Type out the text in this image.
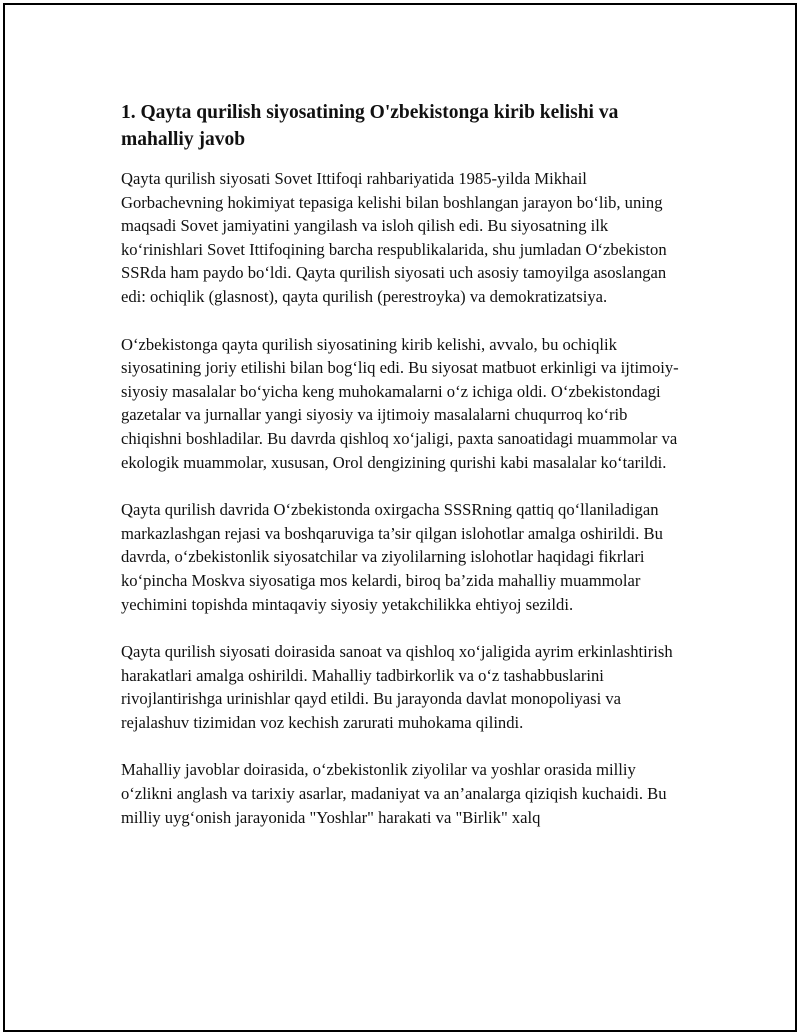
1. Qayta qurilish siyosatining O'zbekistonga kirib kelishi va mahalliy javob

Qayta qurilish siyosati Sovet Ittifoqi rahbariyatida 1985-yilda Mikhail Gorbachevning hokimiyat tepasiga kelishi bilan boshlangan jarayon bo‘lib, uning maqsadi Sovet jamiyatini yangilash va isloh qilish edi. Bu siyosatning ilk ko‘rinishlari Sovet Ittifoqining barcha respublikalarida, shu jumladan O‘zbekiston SSRda ham paydo bo‘ldi. Qayta qurilish siyosati uch asosiy tamoyilga asoslangan edi: ochiqlik (glasnost), qayta qurilish (perestroyka) va demokratizatsiya.

O‘zbekistonga qayta qurilish siyosatining kirib kelishi, avvalo, bu ochiqlik siyosatining joriy etilishi bilan bog‘liq edi. Bu siyosat matbuot erkinligi va ijtimoiy-siyosiy masalalar bo‘yicha keng muhokamalarni o‘z ichiga oldi. O‘zbekistondagi gazetalar va jurnallar yangi siyosiy va ijtimoiy masalalarni chuqurroq ko‘rib chiqishni boshladilar. Bu davrda qishloq xo‘jaligi, paxta sanoatidagi muammolar va ekologik muammolar, xususan, Orol dengizining qurishi kabi masalalar ko‘tarildi.

Qayta qurilish davrida O‘zbekistonda oxirgacha SSSRning qattiq qo‘llaniladigan markazlashgan rejasi va boshqaruviga ta’sir qilgan islohotlar amalga oshirildi. Bu davrda, o‘zbekistonlik siyosatchilar va ziyolilarning islohotlar haqidagi fikrlari ko‘pincha Moskva siyosatiga mos kelardi, biroq ba’zida mahalliy muammolar yechimini topishda mintaqaviy siyosiy yetakchilikka ehtiyoj sezildi.

Qayta qurilish siyosati doirasida sanoat va qishloq xo‘jaligida ayrim erkinlashtirish harakatlari amalga oshirildi. Mahalliy tadbirkorlik va o‘z tashabbuslarini rivojlantirishga urinishlar qayd etildi. Bu jarayonda davlat monopoliyasi va rejalashuv tizimidan voz kechish zarurati muhokama qilindi.

Mahalliy javoblar doirasida, o‘zbekistonlik ziyolilar va yoshlar orasida milliy o‘zlikni anglash va tarixiy asarlar, madaniyat va an’analarga qiziqish kuchaidi. Bu milliy uyg‘onish jarayonida "Yoshlar" harakati va "Birlik" xalq
